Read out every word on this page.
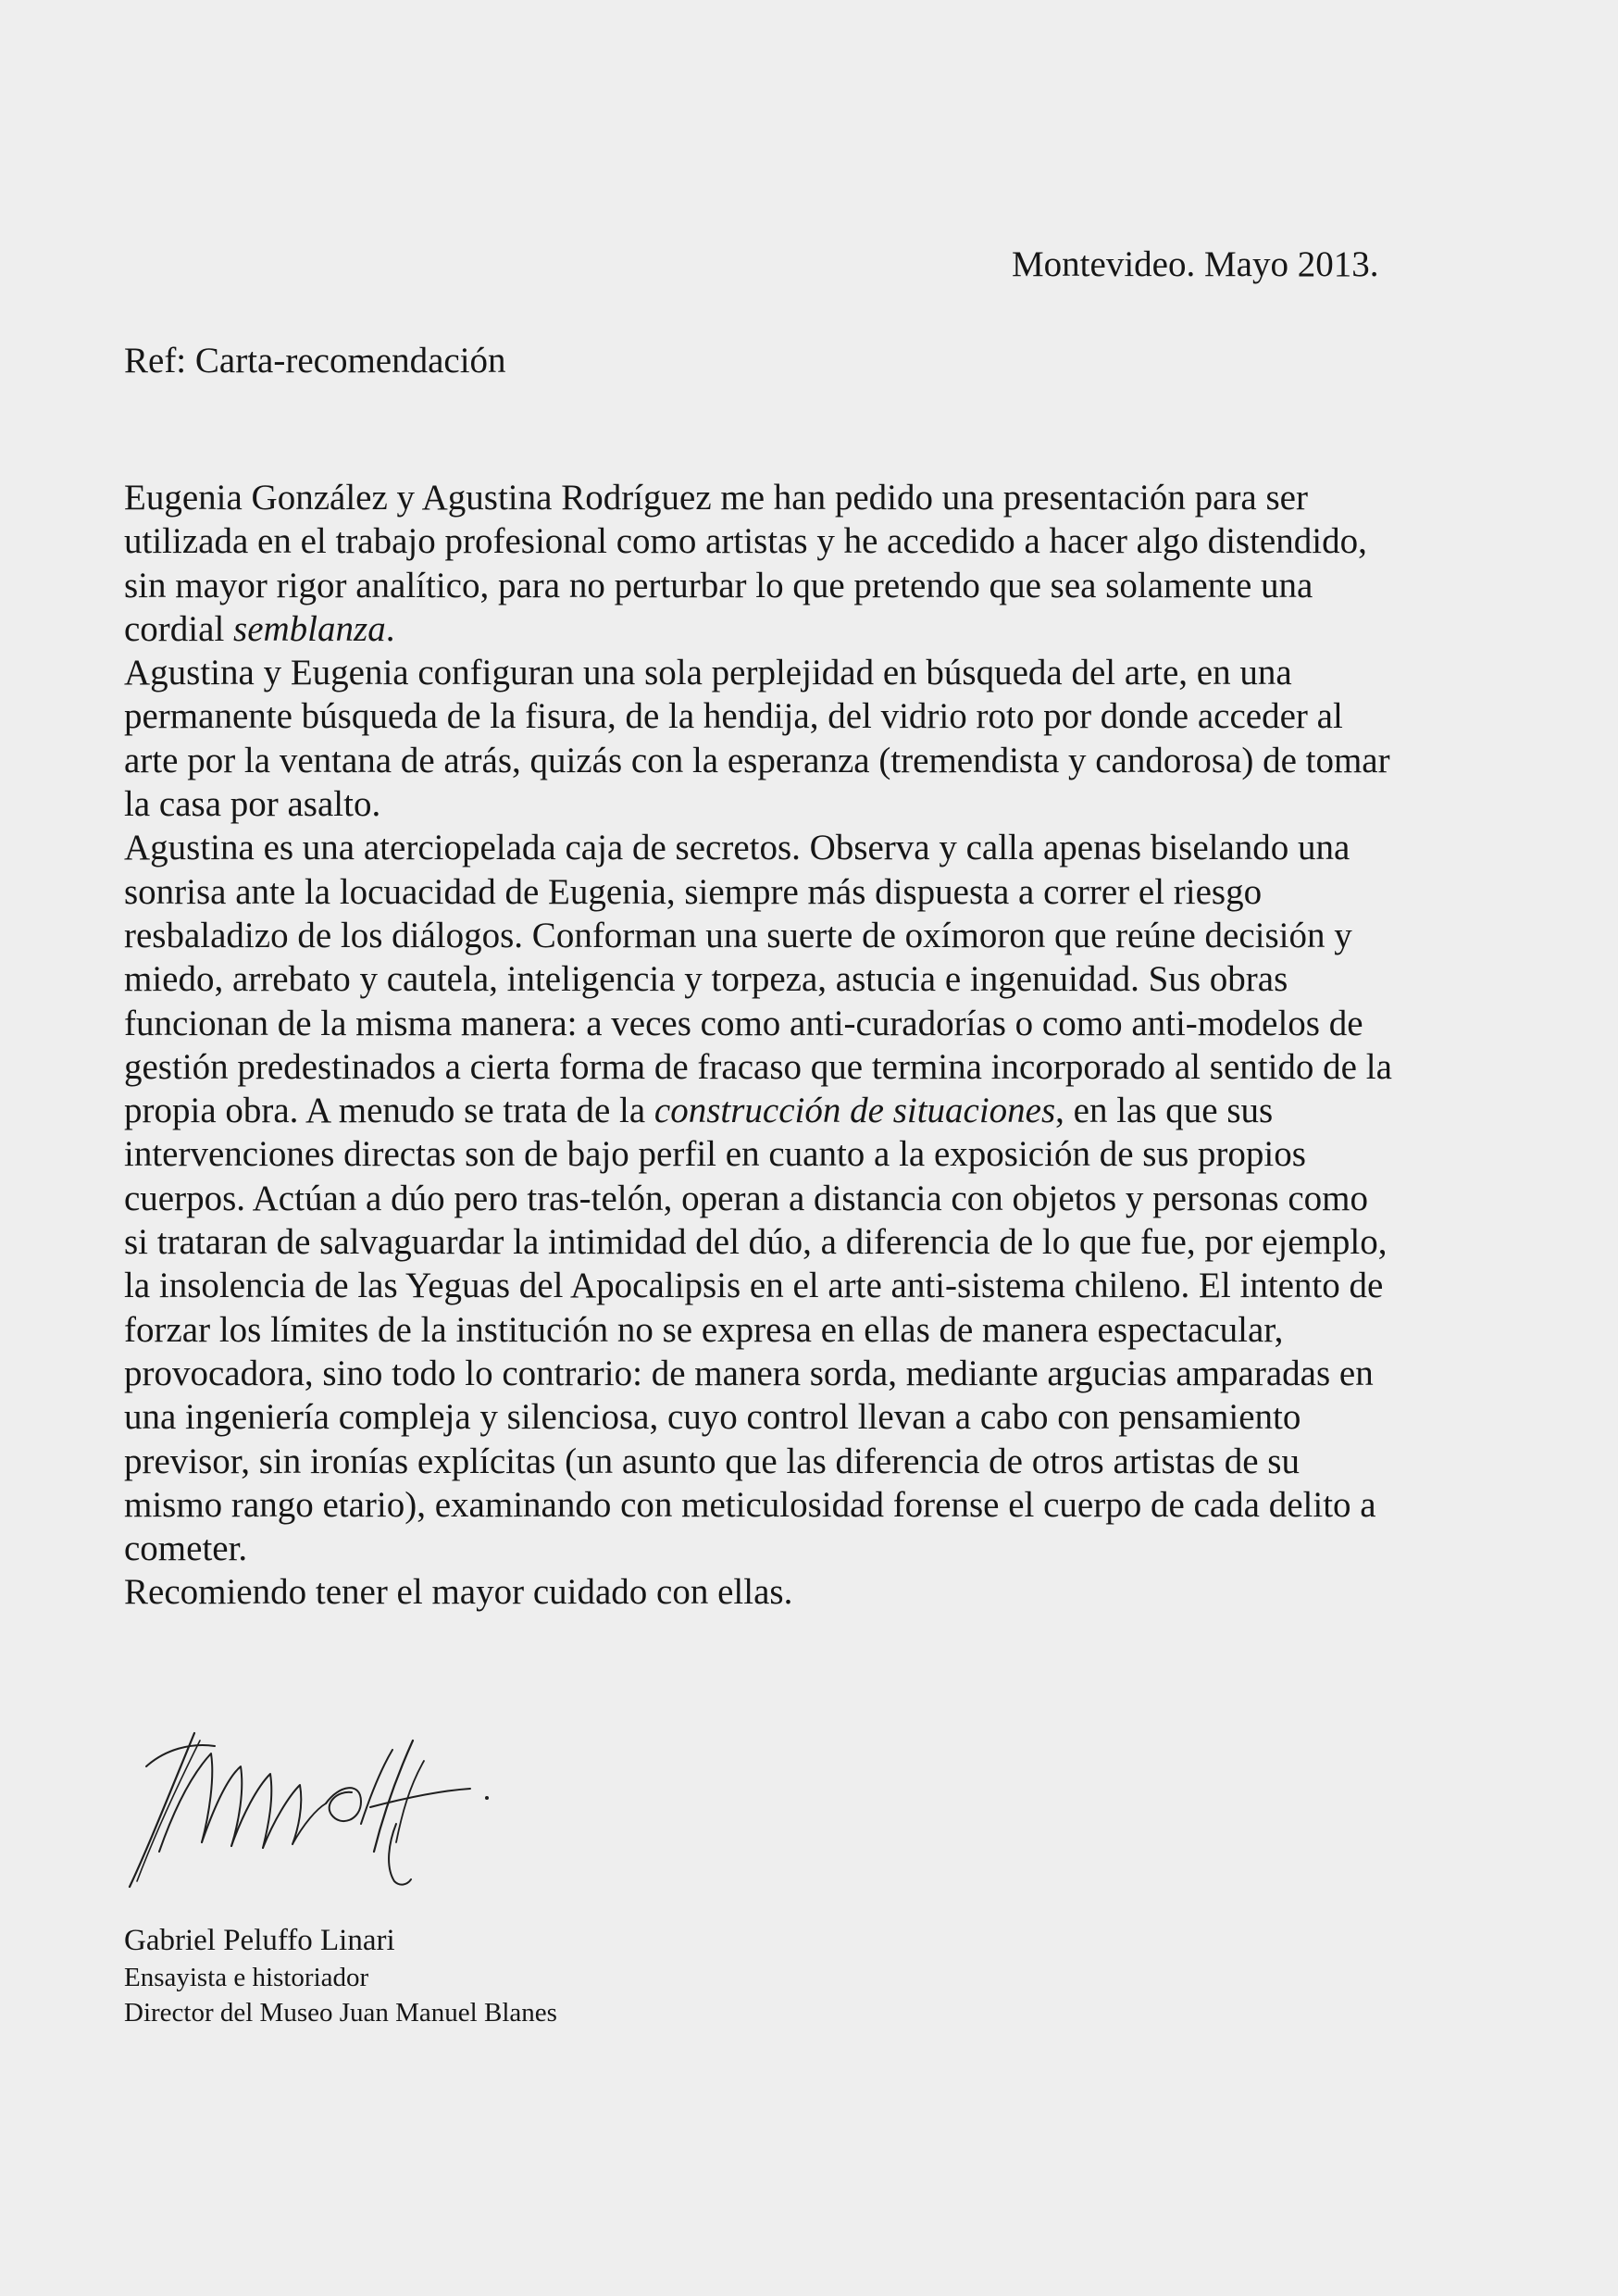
Montevideo. Mayo 2013.
Ref: Carta-recomendación
Eugenia González y Agustina Rodríguez me han pedido una presentación para ser
utilizada en el trabajo profesional como artistas y he accedido a hacer algo distendido,
sin mayor rigor analítico, para no perturbar lo que pretendo que sea solamente una
cordial semblanza.
Agustina y Eugenia configuran una sola perplejidad en búsqueda del arte, en una
permanente búsqueda de la fisura, de la hendija, del vidrio roto por donde acceder al
arte por la ventana de atrás, quizás con la esperanza (tremendista y candorosa) de tomar
la casa por asalto.
Agustina es una aterciopelada caja de secretos. Observa y calla apenas biselando una
sonrisa ante la locuacidad de Eugenia, siempre más dispuesta a correr el riesgo
resbaladizo de los diálogos. Conforman una suerte de oxímoron que reúne decisión y
miedo, arrebato y cautela, inteligencia y torpeza, astucia e ingenuidad. Sus obras
funcionan de la misma manera: a veces como anti-curadorías o como anti-modelos de
gestión predestinados a cierta forma de fracaso que termina incorporado al sentido de la
propia obra. A menudo se trata de la construcción de situaciones, en las que sus
intervenciones directas son de bajo perfil en cuanto a la exposición de sus propios
cuerpos. Actúan a dúo pero tras-telón, operan a distancia con objetos y personas como
si trataran de salvaguardar la intimidad del dúo, a diferencia de lo que fue, por ejemplo,
la insolencia de las Yeguas del Apocalipsis en el arte anti-sistema chileno. El intento de
forzar los límites de la institución no se expresa en ellas de manera espectacular,
provocadora, sino todo lo contrario: de manera sorda, mediante argucias amparadas en
una ingeniería compleja y silenciosa, cuyo control llevan a cabo con pensamiento
previsor, sin ironías explícitas (un asunto que las diferencia de otros artistas de su
mismo rango etario), examinando con meticulosidad forense el cuerpo de cada delito a
cometer.
Recomiendo tener el mayor cuidado con ellas.
Gabriel Peluffo Linari
Ensayista e historiador
Director del Museo Juan Manuel Blanes
